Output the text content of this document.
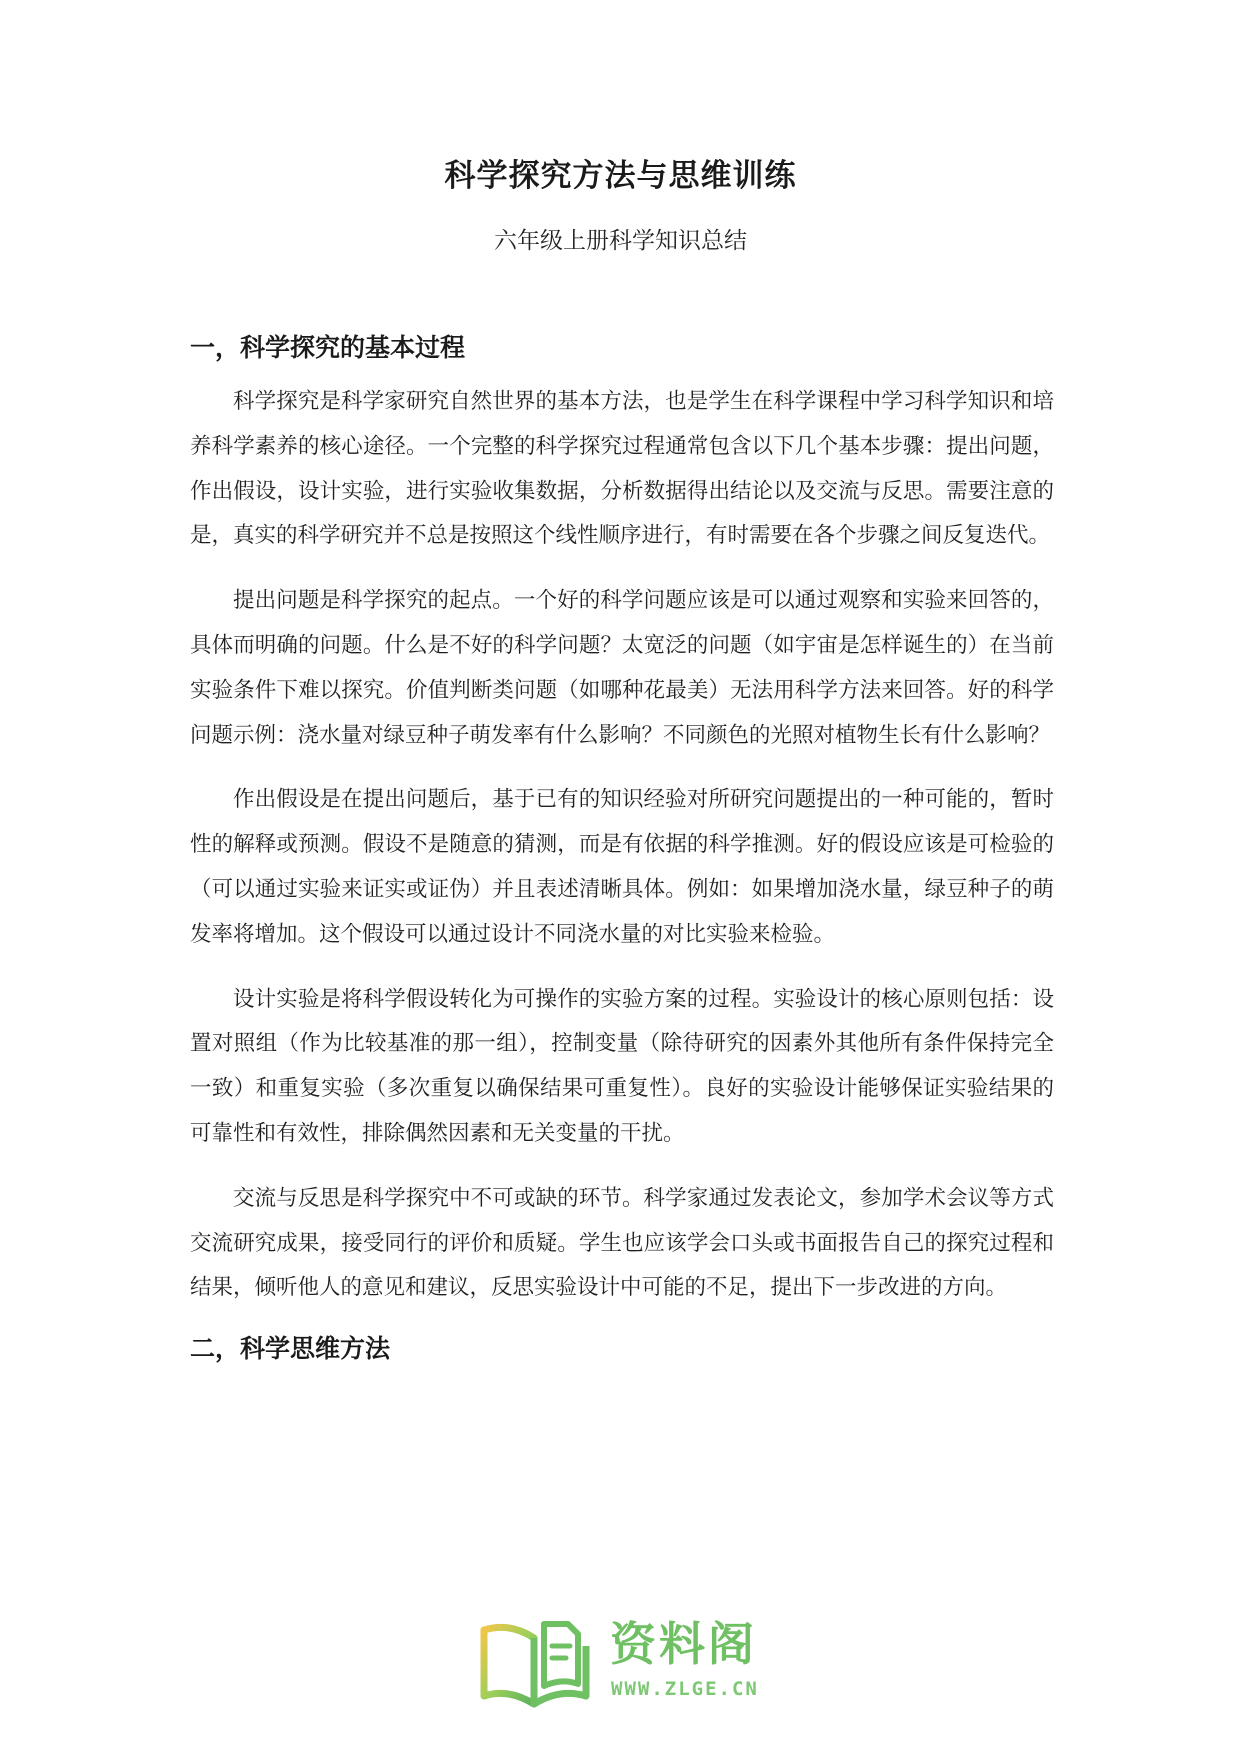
科学探究方法与思维训练
六年级上册科学知识总结
一，科学探究的基本过程

科学探究是科学家研究自然世界的基本方法，也是学生在科学课程中学习科学知识和培养科学素养的核心途径。一个完整的科学探究过程通常包含以下几个基本步骤：提出问题，作出假设，设计实验，进行实验收集数据，分析数据得出结论以及交流与反思。需要注意的是，真实的科学研究并不总是按照这个线性顺序进行，有时需要在各个步骤之间反复迭代。

提出问题是科学探究的起点。一个好的科学问题应该是可以通过观察和实验来回答的，具体而明确的问题。什么是不好的科学问题？太宽泛的问题（如宇宙是怎样诞生的）在当前实验条件下难以探究。价值判断类问题（如哪种花最美）无法用科学方法来回答。好的科学问题示例：浇水量对绿豆种子萌发率有什么影响？不同颜色的光照对植物生长有什么影响？

作出假设是在提出问题后，基于已有的知识经验对所研究问题提出的一种可能的，暂时性的解释或预测。假设不是随意的猜测，而是有依据的科学推测。好的假设应该是可检验的（可以通过实验来证实或证伪）并且表述清晰具体。例如：如果增加浇水量，绿豆种子的萌发率将增加。这个假设可以通过设计不同浇水量的对比实验来检验。

设计实验是将科学假设转化为可操作的实验方案的过程。实验设计的核心原则包括：设置对照组（作为比较基准的那一组），控制变量（除待研究的因素外其他所有条件保持完全一致）和重复实验（多次重复以确保结果可重复性）。良好的实验设计能够保证实验结果的可靠性和有效性，排除偶然因素和无关变量的干扰。

交流与反思是科学探究中不可或缺的环节。科学家通过发表论文，参加学术会议等方式交流研究成果，接受同行的评价和质疑。学生也应该学会口头或书面报告自己的探究过程和结果，倾听他人的意见和建议，反思实验设计中可能的不足，提出下一步改进的方向。

二，科学思维方法
资料阁
WWW.ZLGE.CN
